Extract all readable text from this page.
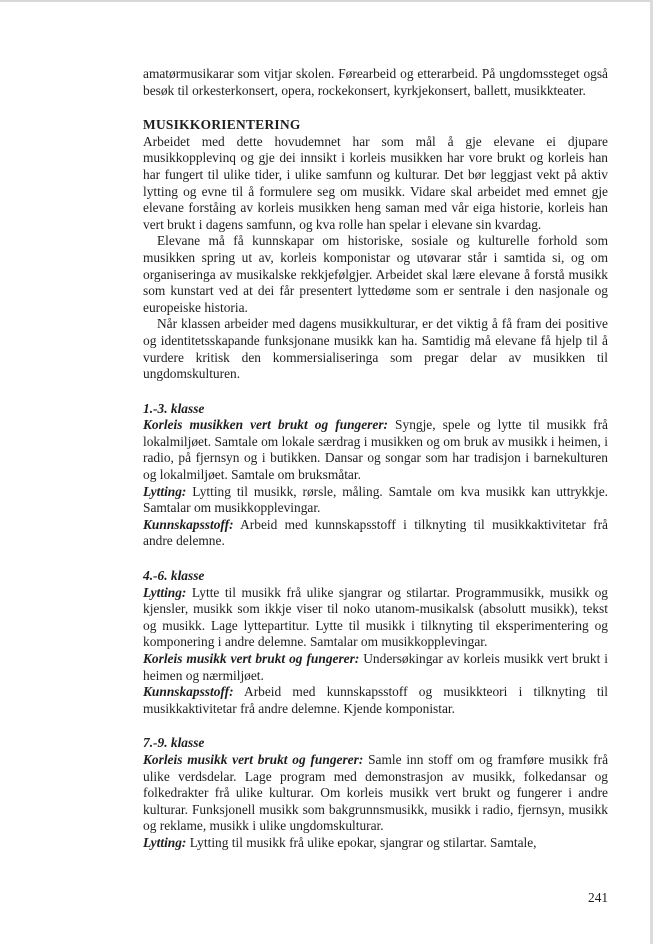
amatørmusikarar som vitjar skolen. Førearbeid og etterarbeid. På ungdomssteget også besøk til orkesterkonsert, opera, rockekonsert, kyrkjekonsert, ballett, musikkteater.

MUSIKKORIENTERING

Arbeidet med dette hovudemnet har som mål å gje elevane ei djupare musikkopplevinq og gje dei innsikt i korleis musikken har vore brukt og korleis han har fungert til ulike tider, i ulike samfunn og kulturar. Det bør leggjast vekt på aktiv lytting og evne til å formulere seg om musikk. Vidare skal arbeidet med emnet gje elevane forståing av korleis musikken heng saman med vår eiga historie, korleis han vert brukt i dagens samfunn, og kva rolle han spelar i elevane sin kvardag.

Elevane må få kunnskapar om historiske, sosiale og kulturelle forhold som musikken spring ut av, korleis komponistar og utøvarar står i samtida si, og om organiseringa av musikalske rekkjefølgjer. Arbeidet skal lære elevane å forstå musikk som kunstart ved at dei får presentert lyttedøme som er sentrale i den nasjonale og europeiske historia.

Når klassen arbeider med dagens musikkulturar, er det viktig å få fram dei positive og identitetsskapande funksjonane musikk kan ha. Samtidig må elevane få hjelp til å vurdere kritisk den kommersialiseringa som pregar delar av musikken til ungdomskulturen.

1.-3. klasse

Korleis musikken vert brukt og fungerer: Syngje, spele og lytte til musikk frå lokalmiljøet. Samtale om lokale særdrag i musikken og om bruk av musikk i heimen, i radio, på fjernsyn og i butikken. Dansar og songar som har tradisjon i barnekulturen og lokalmiljøet. Samtale om bruksmåtar.

Lytting: Lytting til musikk, rørsle, måling. Samtale om kva musikk kan uttrykkje. Samtalar om musikkopplevingar.

Kunnskapsstoff: Arbeid med kunnskapsstoff i tilknyting til musikkaktivitetar frå andre delemne.

4.-6. klasse

Lytting: Lytte til musikk frå ulike sjangrar og stilartar. Programmusikk, musikk og kjensler, musikk som ikkje viser til noko utanom-musikalsk (absolutt musikk), tekst og musikk. Lage lyttepartitur. Lytte til musikk i tilknyting til eksperimentering og komponering i andre delemne. Samtalar om musikkopplevingar.

Korleis musikk vert brukt og fungerer: Undersøkingar av korleis musikk vert brukt i heimen og nærmiljøet.

Kunnskapsstoff: Arbeid med kunnskapsstoff og musikkteori i tilknyting til musikkaktivitetar frå andre delemne. Kjende komponistar.

7.-9. klasse

Korleis musikk vert brukt og fungerer: Samle inn stoff om og framføre musikk frå ulike verdsdelar. Lage program med demonstrasjon av musikk, folkedansar og folkedrakter frå ulike kulturar. Om korleis musikk vert brukt og fungerer i andre kulturar. Funksjonell musikk som bakgrunnsmusikk, musikk i radio, fjernsyn, musikk og reklame, musikk i ulike ungdomskulturar.

Lytting: Lytting til musikk frå ulike epokar, sjangrar og stilartar. Samtale,

241
